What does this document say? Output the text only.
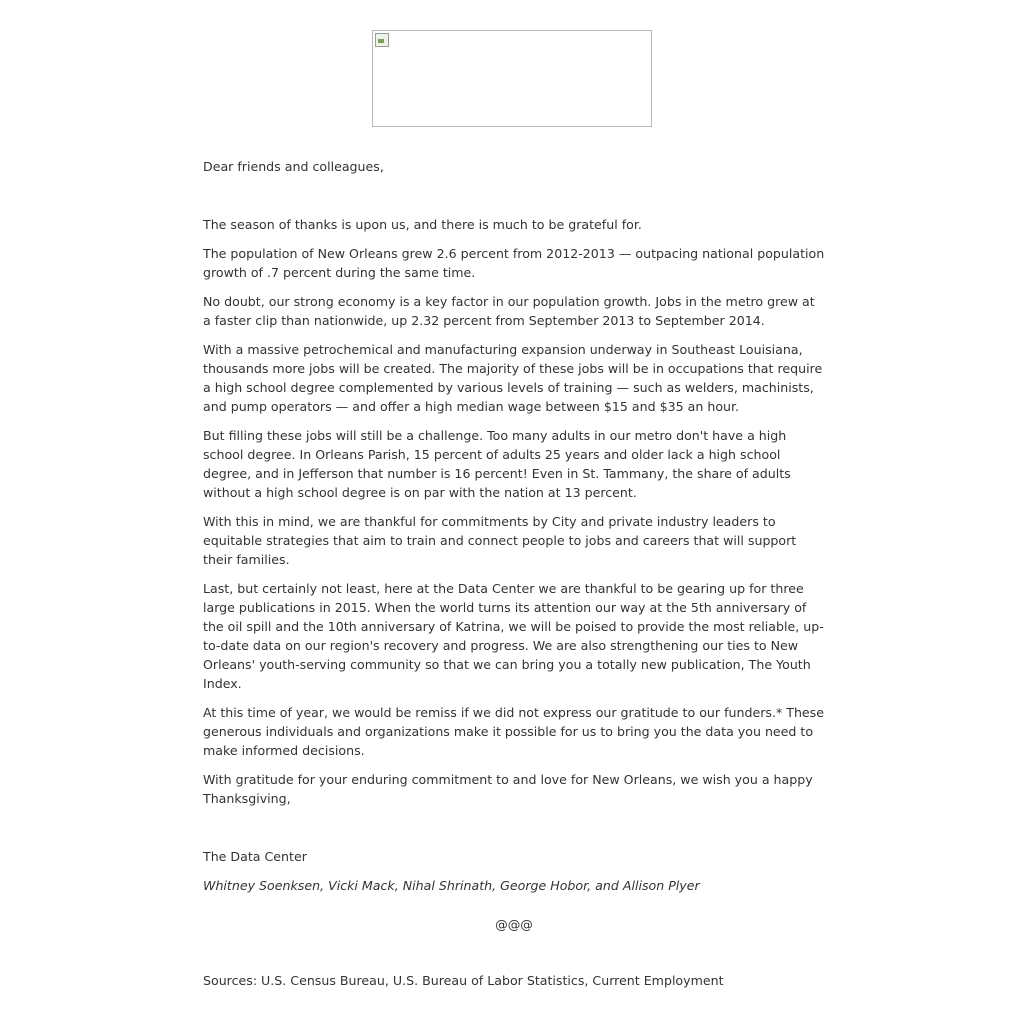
Dear friends and colleagues,

The season of thanks is upon us, and there is much to be grateful for.

The population of New Orleans grew 2.6 percent from 2012-2013 — outpacing national population growth of .7 percent during the same time.

No doubt, our strong economy is a key factor in our population growth. Jobs in the metro grew at a faster clip than nationwide, up 2.32 percent from September 2013 to September 2014.

With a massive petrochemical and manufacturing expansion underway in Southeast Louisiana, thousands more jobs will be created. The majority of these jobs will be in occupations that require a high school degree complemented by various levels of training — such as welders, machinists, and pump operators — and offer a high median wage between $15 and $35 an hour.

But filling these jobs will still be a challenge. Too many adults in our metro don't have a high school degree. In Orleans Parish, 15 percent of adults 25 years and older lack a high school degree, and in Jefferson that number is 16 percent! Even in St. Tammany, the share of adults without a high school degree is on par with the nation at 13 percent.

With this in mind, we are thankful for commitments by City and private industry leaders to equitable strategies that aim to train and connect people to jobs and careers that will support their families.

Last, but certainly not least, here at the Data Center we are thankful to be gearing up for three large publications in 2015. When the world turns its attention our way at the 5th anniversary of the oil spill and the 10th anniversary of Katrina, we will be poised to provide the most reliable, up-to-date data on our region's recovery and progress. We are also strengthening our ties to New Orleans' youth-serving community so that we can bring you a totally new publication, The Youth Index.

At this time of year, we would be remiss if we did not express our gratitude to our funders.* These generous individuals and organizations make it possible for us to bring you the data you need to make informed decisions.

With gratitude for your enduring commitment to and love for New Orleans, we wish you a happy Thanksgiving,

The Data Center

Whitney Soenksen, Vicki Mack, Nihal Shrinath, George Hobor, and Allison Plyer

@@@

Sources: U.S. Census Bureau, U.S. Bureau of Labor Statistics, Current Employment
